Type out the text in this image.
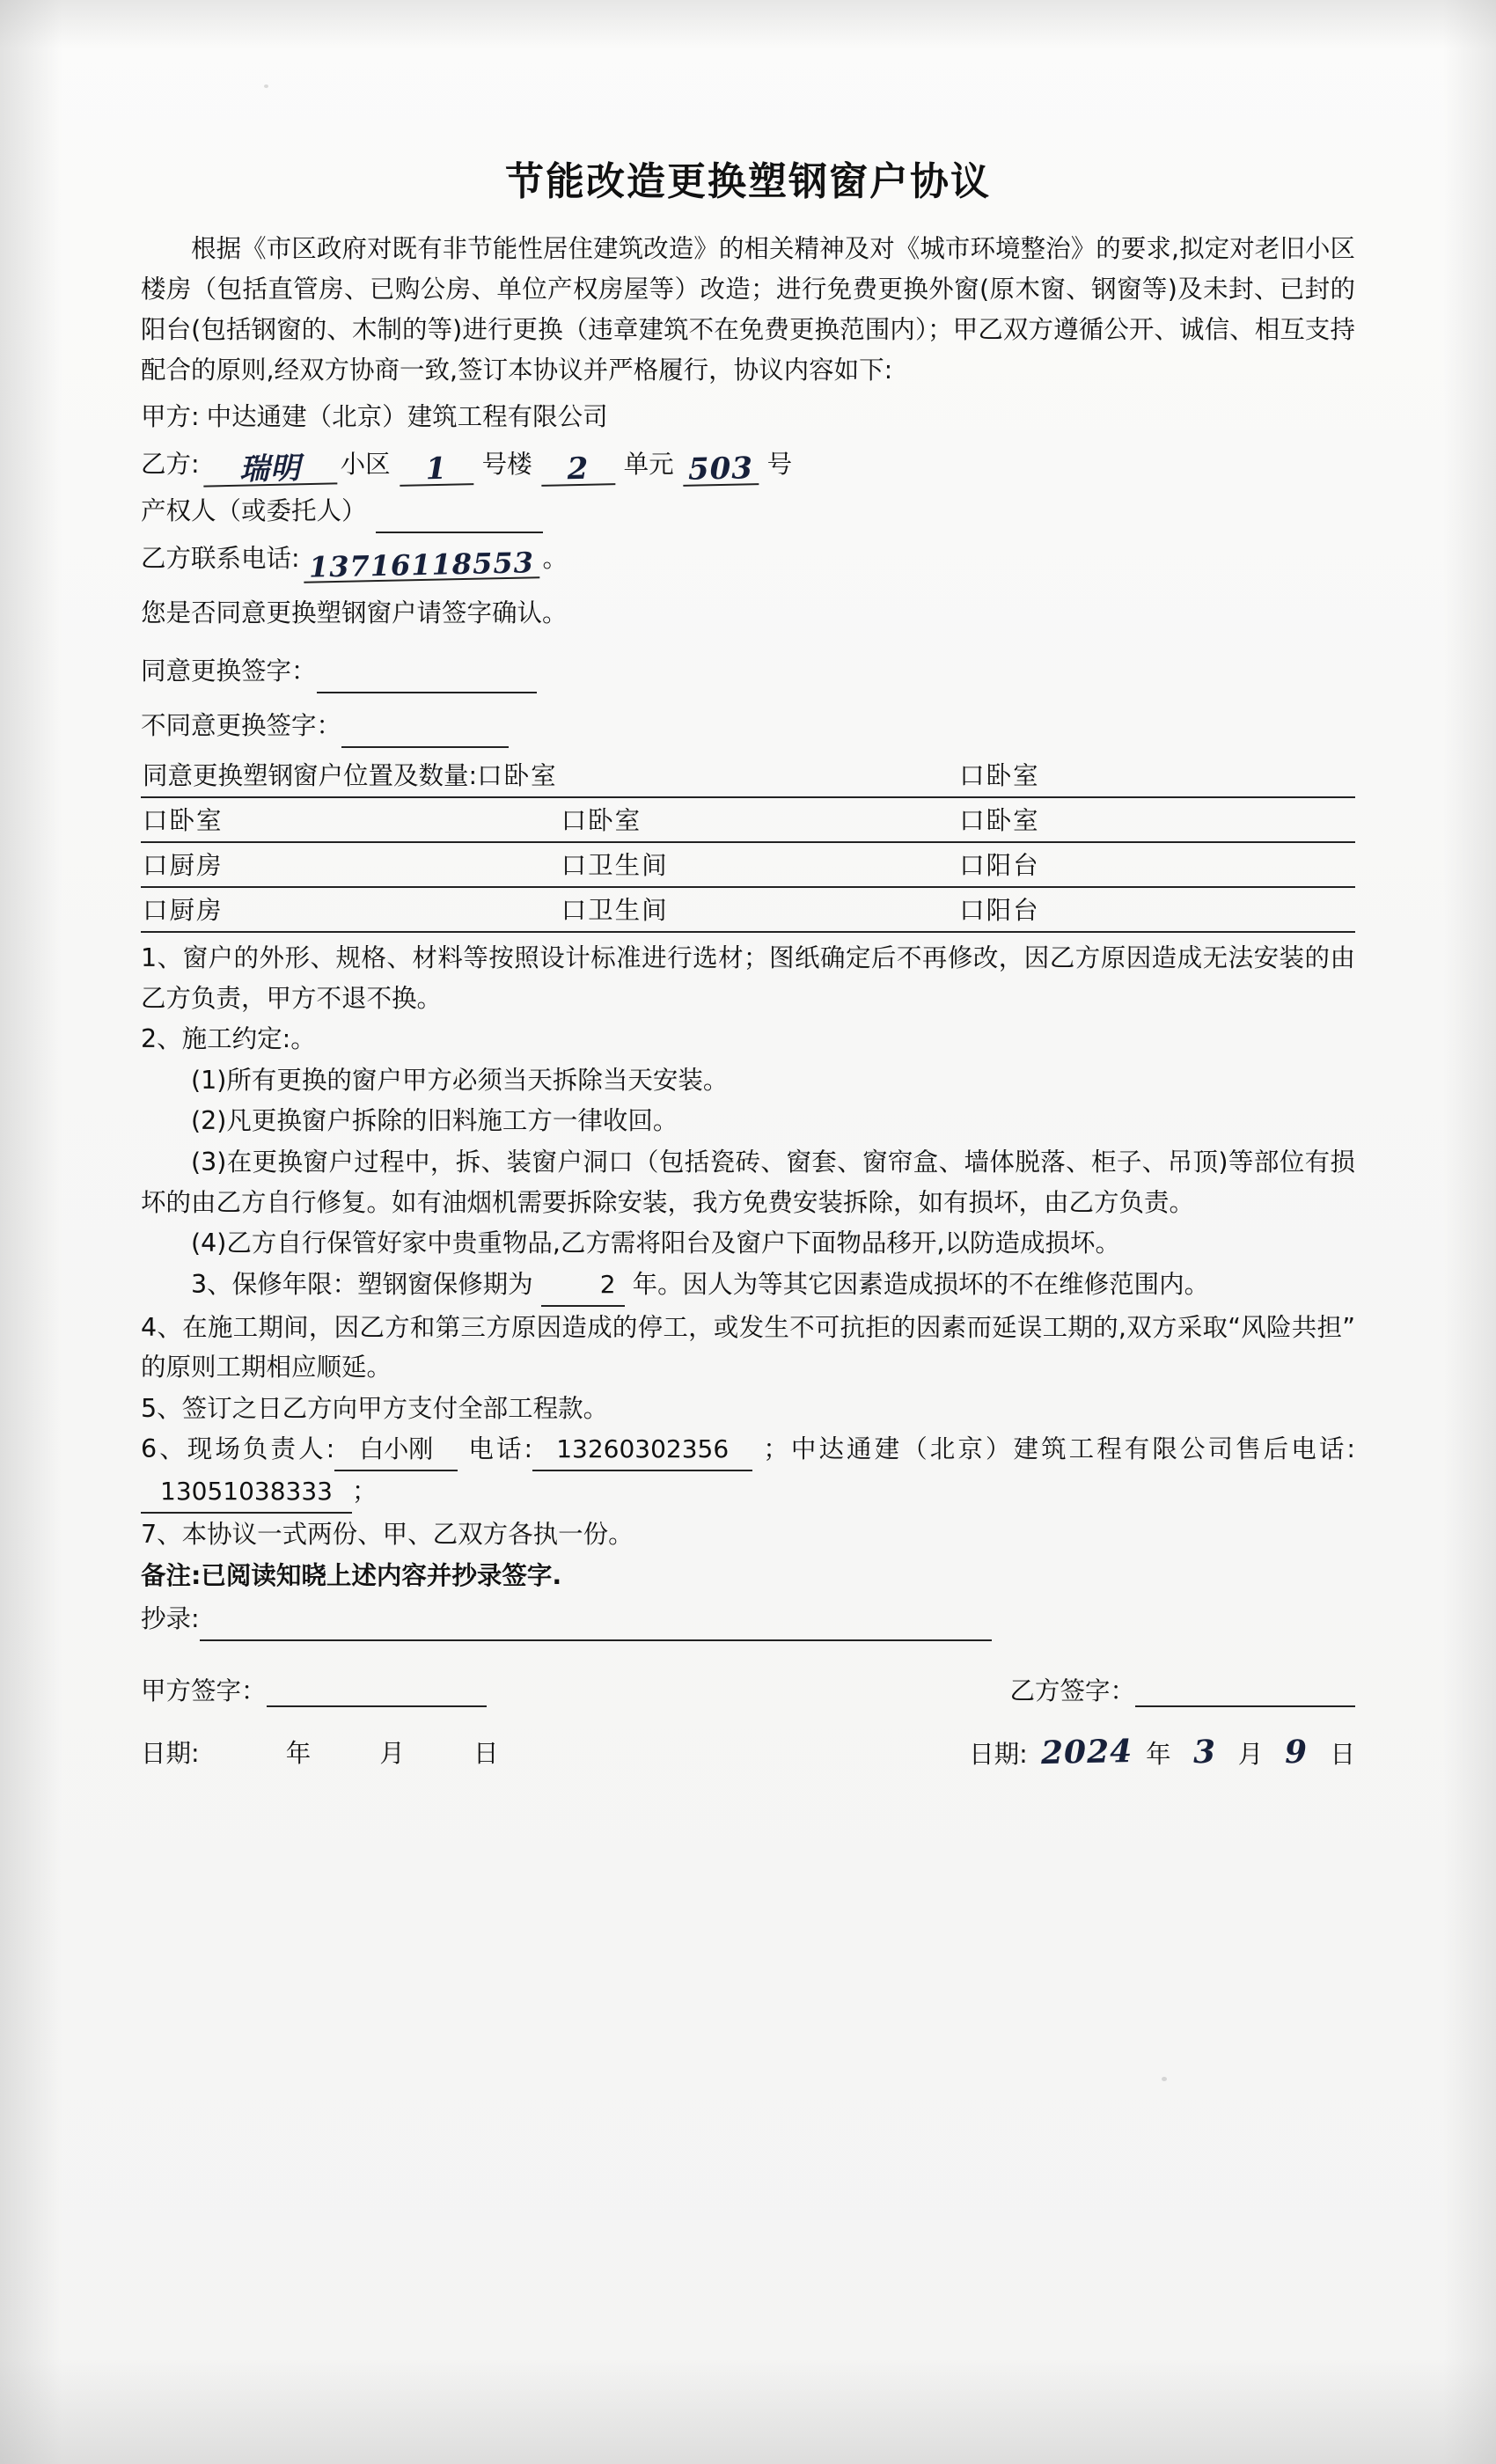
节能改造更换塑钢窗户协议

根据《市区政府对既有非节能性居住建筑改造》的相关精神及对《城市环境整治》的要求,拟定对老旧小区楼房（包括直管房、已购公房、单位产权房屋等）改造；进行免费更换外窗(原木窗、钢窗等)及未封、已封的阳台(包括钢窗的、木制的等)进行更换（违章建筑不在免费更换范围内）；甲乙双方遵循公开、诚信、相互支持配合的原则,经双方协商一致,签订本协议并严格履行，协议内容如下:

甲方: 中达通建（北京）建筑工程有限公司
乙方:	瑞明	小区	1	号楼	2	单元 503 号
产权人（或委托人）
乙方联系电话: 13716118553 。

您是否同意更换塑钢窗户请签字确认。

同意更换签字：
不同意更换签字：
同意更换塑钢窗户位置及数量:口卧室		口卧室
口卧室	口卧室	口卧室
口厨房	口卫生间	口阳台
口厨房	口卫生间	口阳台

1、窗户的外形、规格、材料等按照设计标准进行选材；图纸确定后不再修改，因乙方原因造成无法安装的由乙方负责，甲方不退不换。

2、施工约定:。

(1)所有更换的窗户甲方必须当天拆除当天安装。

(2)凡更换窗户拆除的旧料施工方一律收回。

(3)在更换窗户过程中，拆、装窗户洞口（包括瓷砖、窗套、窗帘盒、墙体脱落、柜子、吊顶)等部位有损坏的由乙方自行修复。如有油烟机需要拆除安装，我方免费安装拆除，如有损坏，由乙方负责。

(4)乙方自行保管好家中贵重物品,乙方需将阳台及窗户下面物品移开,以防造成损坏。

3、保修年限：塑钢窗保修期为	2 年。因人为等其它因素造成损坏的不在维修范围内。

4、在施工期间，因乙方和第三方原因造成的停工，或发生不可抗拒的因素而延误工期的,双方采取“风险共担”的原则工期相应顺延。

5、签订之日乙方向甲方支付全部工程款。

6、现场负责人: 白小刚 电话: 13260302356 ；中达通建（北京）建筑工程有限公司售后电话:13051038333 ；

7、本协议一式两份、甲、乙双方各执一份。

备注:已阅读知晓上述内容并抄录签字.

抄录:
甲方签字：	乙方签字：
日期:	年	月	日	日期: 2024 年 3 月 9 日
